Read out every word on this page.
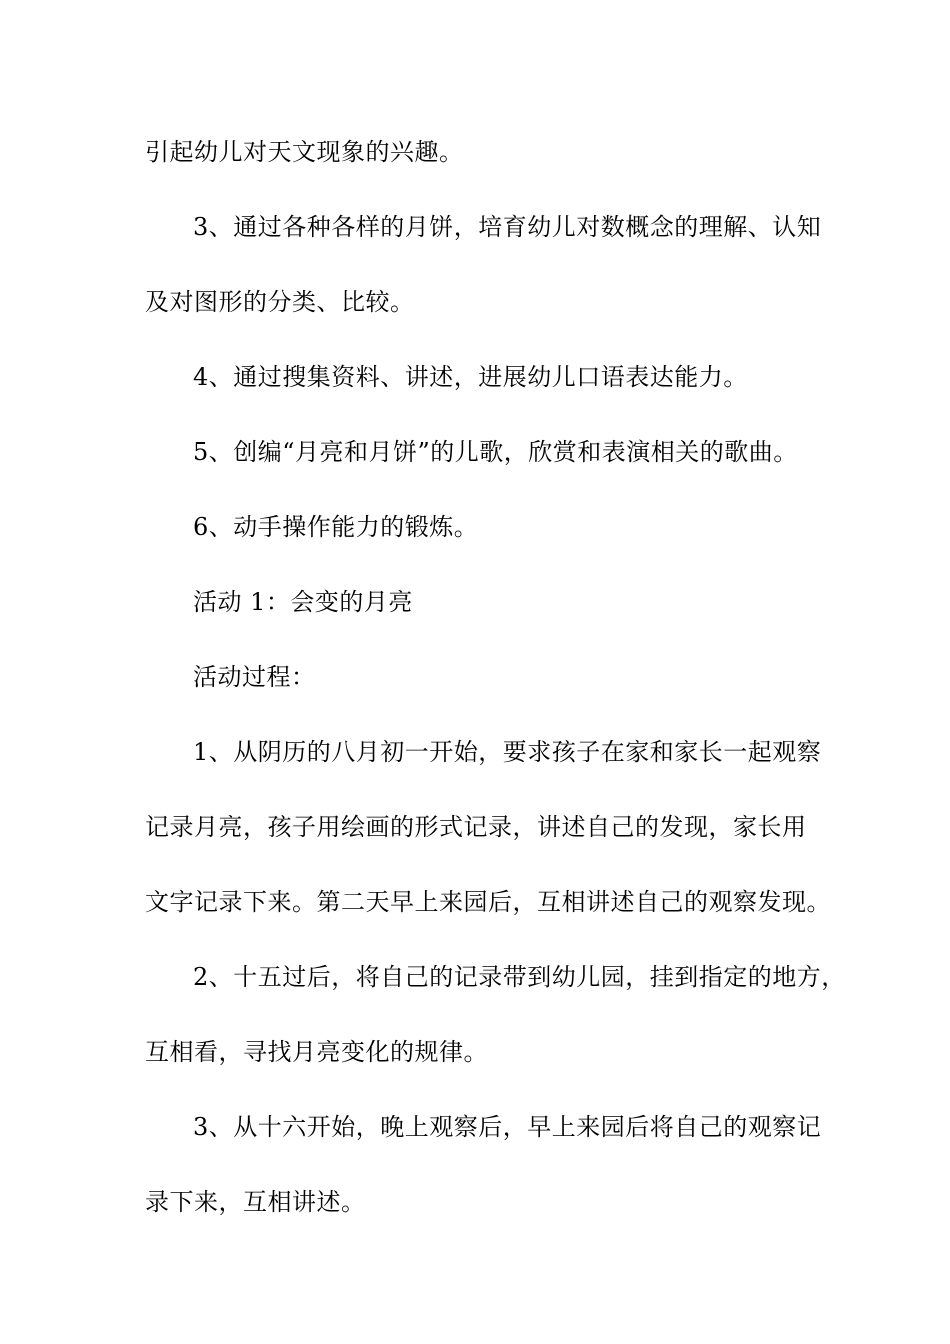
引起幼儿对天文现象的兴趣。
3、通过各种各样的月饼，培育幼儿对数概念的理解、认知
及对图形的分类、比较。
4、通过搜集资料、讲述，进展幼儿口语表达能力。
5、创编“月亮和月饼”的儿歌，欣赏和表演相关的歌曲。
6、动手操作能力的锻炼。
活动 1：会变的月亮
活动过程：
1、从阴历的八月初一开始，要求孩子在家和家长一起观察
记录月亮，孩子用绘画的形式记录，讲述自己的发现，家长用
文字记录下来。第二天早上来园后，互相讲述自己的观察发现。
2、十五过后，将自己的记录带到幼儿园，挂到指定的地方，
互相看，寻找月亮变化的规律。
3、从十六开始，晚上观察后，早上来园后将自己的观察记
录下来，互相讲述。
